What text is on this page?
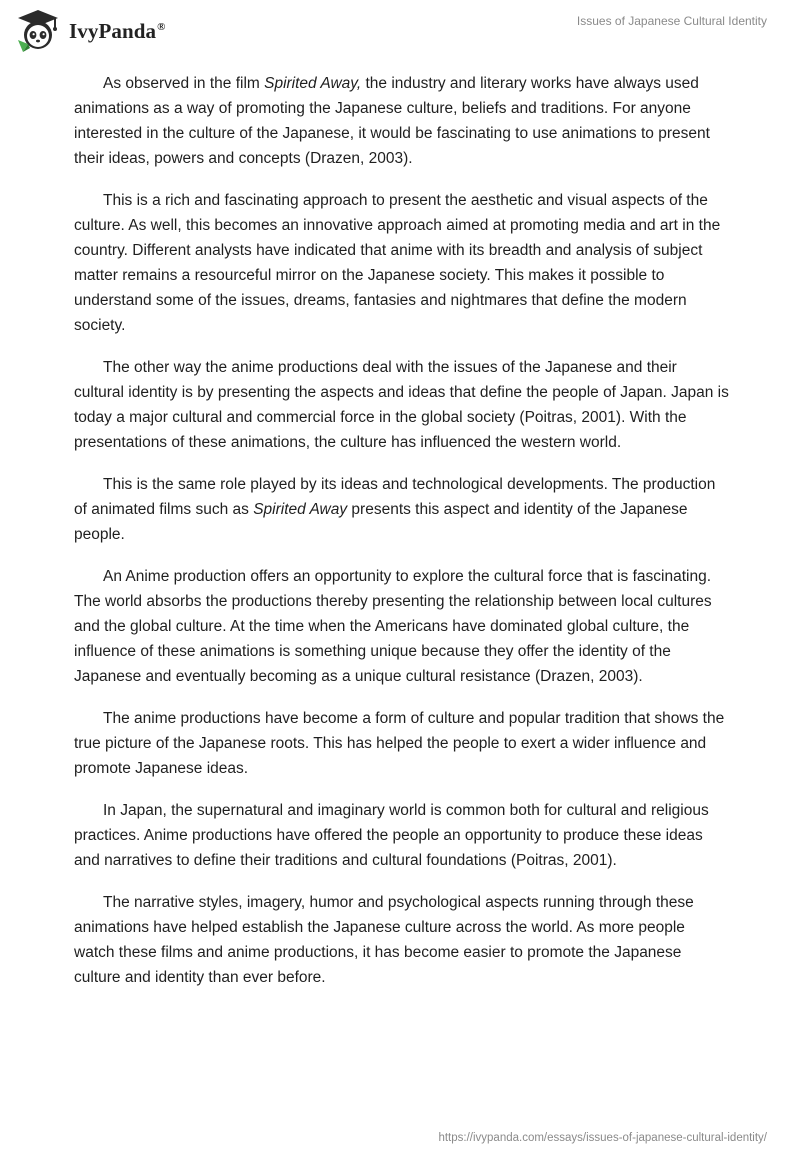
IvyPanda®	Issues of Japanese Cultural Identity

As observed in the film Spirited Away, the industry and literary works have always used animations as a way of promoting the Japanese culture, beliefs and traditions. For anyone interested in the culture of the Japanese, it would be fascinating to use animations to present their ideas, powers and concepts (Drazen, 2003).

This is a rich and fascinating approach to present the aesthetic and visual aspects of the culture. As well, this becomes an innovative approach aimed at promoting media and art in the country. Different analysts have indicated that anime with its breadth and analysis of subject matter remains a resourceful mirror on the Japanese society. This makes it possible to understand some of the issues, dreams, fantasies and nightmares that define the modern society.

The other way the anime productions deal with the issues of the Japanese and their cultural identity is by presenting the aspects and ideas that define the people of Japan. Japan is today a major cultural and commercial force in the global society (Poitras, 2001). With the presentations of these animations, the culture has influenced the western world.

This is the same role played by its ideas and technological developments. The production of animated films such as Spirited Away presents this aspect and identity of the Japanese people.

An Anime production offers an opportunity to explore the cultural force that is fascinating. The world absorbs the productions thereby presenting the relationship between local cultures and the global culture. At the time when the Americans have dominated global culture, the influence of these animations is something unique because they offer the identity of the Japanese and eventually becoming as a unique cultural resistance (Drazen, 2003).

The anime productions have become a form of culture and popular tradition that shows the true picture of the Japanese roots. This has helped the people to exert a wider influence and promote Japanese ideas.

In Japan, the supernatural and imaginary world is common both for cultural and religious practices. Anime productions have offered the people an opportunity to produce these ideas and narratives to define their traditions and cultural foundations (Poitras, 2001).

The narrative styles, imagery, humor and psychological aspects running through these animations have helped establish the Japanese culture across the world. As more people watch these films and anime productions, it has become easier to promote the Japanese culture and identity than ever before.

https://ivypanda.com/essays/issues-of-japanese-cultural-identity/
